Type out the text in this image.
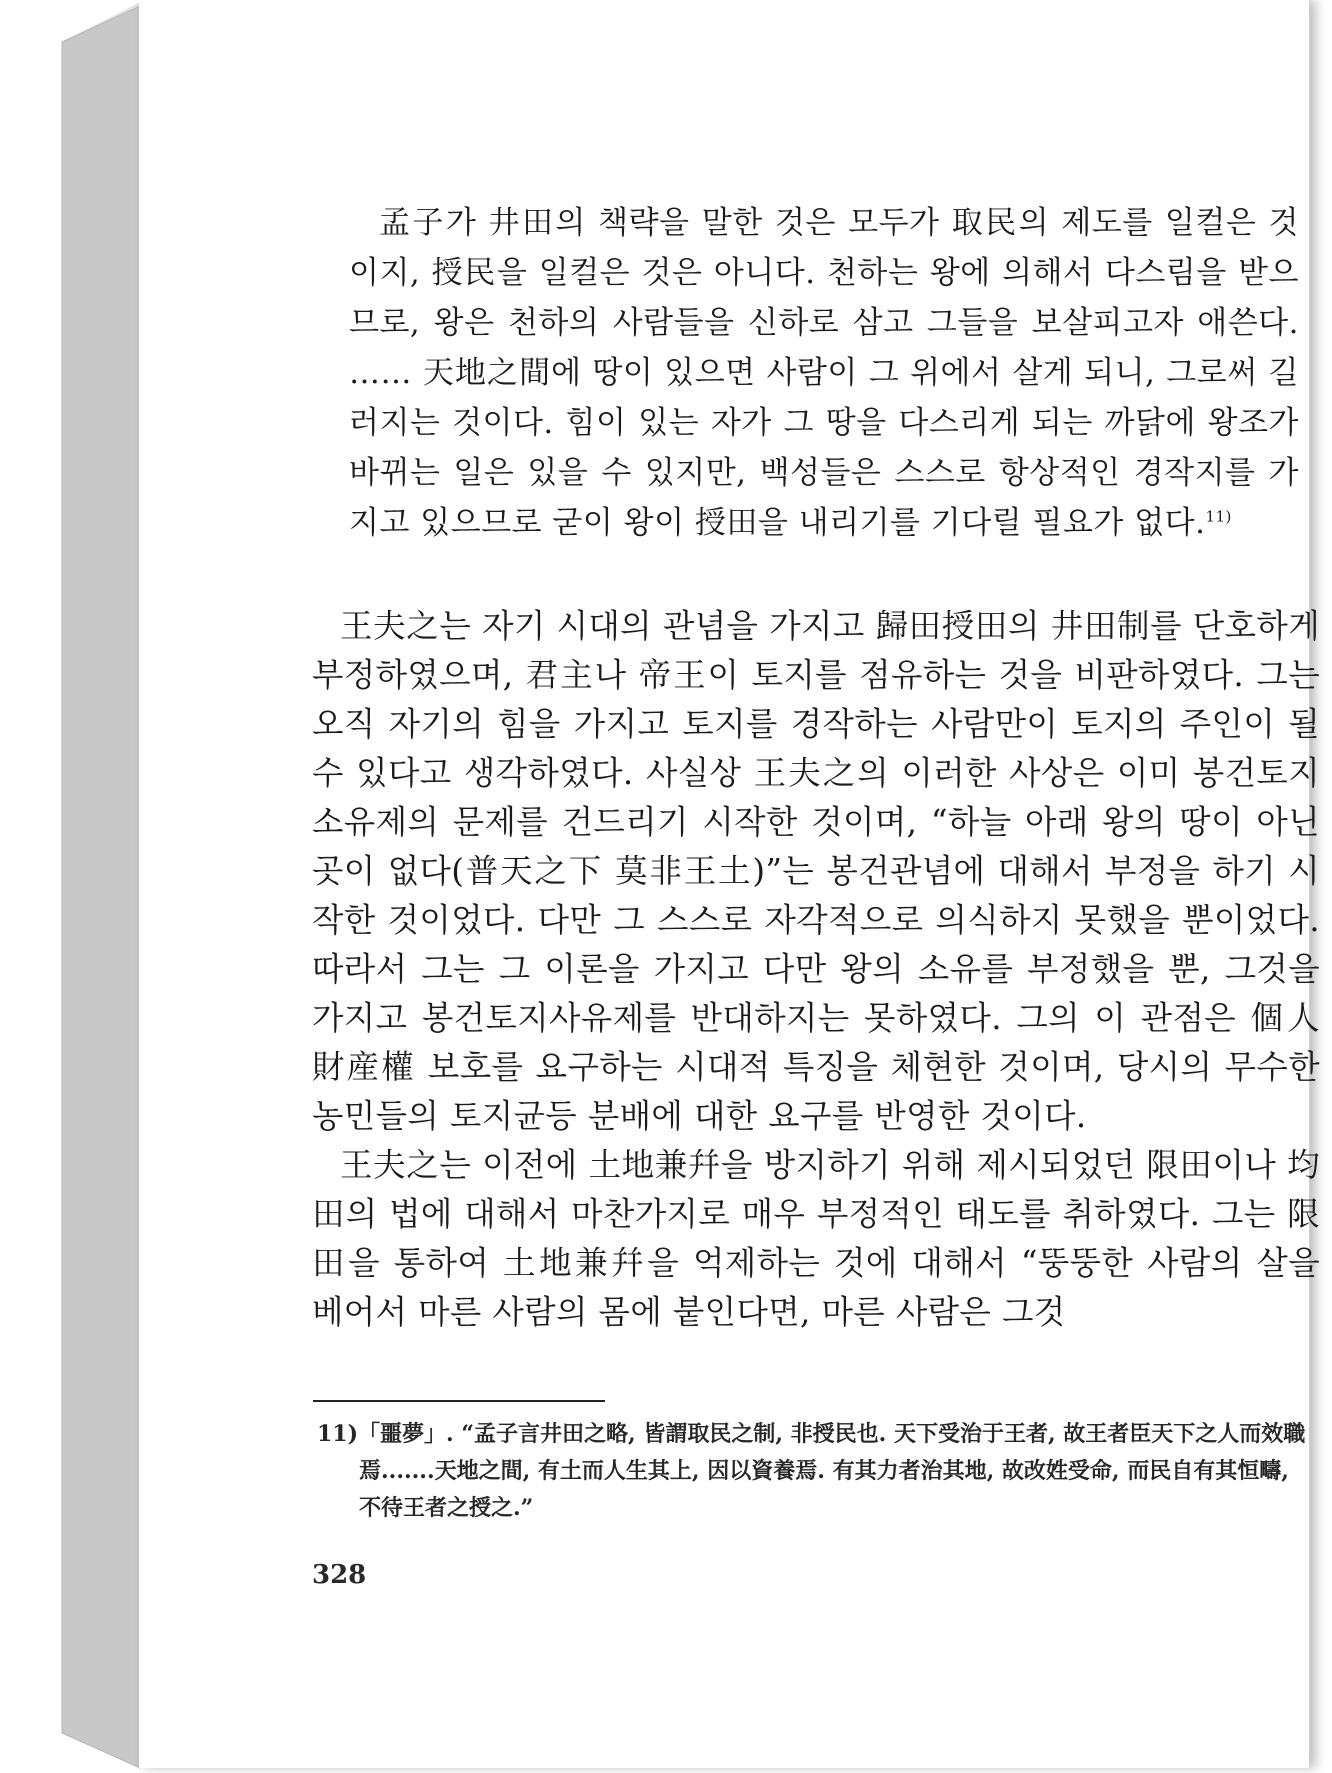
孟子가 井田의 책략을 말한 것은 모두가 取民의 제도를 일컬은 것이지, 授民을 일컬은 것은 아니다. 천하는 왕에 의해서 다스림을 받으므로, 왕은 천하의 사람들을 신하로 삼고 그들을 보살피고자 애쓴다. …… 天地之間에 땅이 있으면 사람이 그 위에서 살게 되니, 그로써 길러지는 것이다. 힘이 있는 자가 그 땅을 다스리게 되는 까닭에 왕조가 바뀌는 일은 있을 수 있지만, 백성들은 스스로 항상적인 경작지를 가지고 있으므로 굳이 왕이 授田을 내리기를 기다릴 필요가 없다.$^{11)}$

王夫之는 자기 시대의 관념을 가지고 歸田授田의 井田制를 단호하게 부정하였으며, 君主나 帝王이 토지를 점유하는 것을 비판하였다. 그는 오직 자기의 힘을 가지고 토지를 경작하는 사람만이 토지의 주인이 될 수 있다고 생각하였다. 사실상 王夫之의 이러한 사상은 이미 봉건토지소유제의 문제를 건드리기 시작한 것이며, “하늘 아래 왕의 땅이 아닌 곳이 없다(普天之下 莫非王土)”는 봉건관념에 대해서 부정을 하기 시작한 것이었다. 다만 그 스스로 자각적으로 의식하지 못했을 뿐이었다. 따라서 그는 그 이론을 가지고 다만 왕의 소유를 부정했을 뿐, 그것을 가지고 봉건토지사유제를 반대하지는 못하였다. 그의 이 관점은 個人財産權 보호를 요구하는 시대적 특징을 체현한 것이며, 당시의 무수한 농민들의 토지균등 분배에 대한 요구를 반영한 것이다.

王夫之는 이전에 土地兼幷을 방지하기 위해 제시되었던 限田이나 均田의 법에 대해서 마찬가지로 매우 부정적인 태도를 취하였다. 그는 限田을 통하여 土地兼幷을 억제하는 것에 대해서 “뚱뚱한 사람의 살을 베어서 마른 사람의 몸에 붙인다면, 마른 사람은 그것

11)「噩夢」. “孟子言井田之略, 皆謂取民之制, 非授民也. 天下受治于王者, 故王者臣天下之人而效職焉.......天地之間, 有土而人生其上, 因以資養焉. 有其力者治其地, 故改姓受命, 而民自有其恒疇, 不待王者之授之.”

328
